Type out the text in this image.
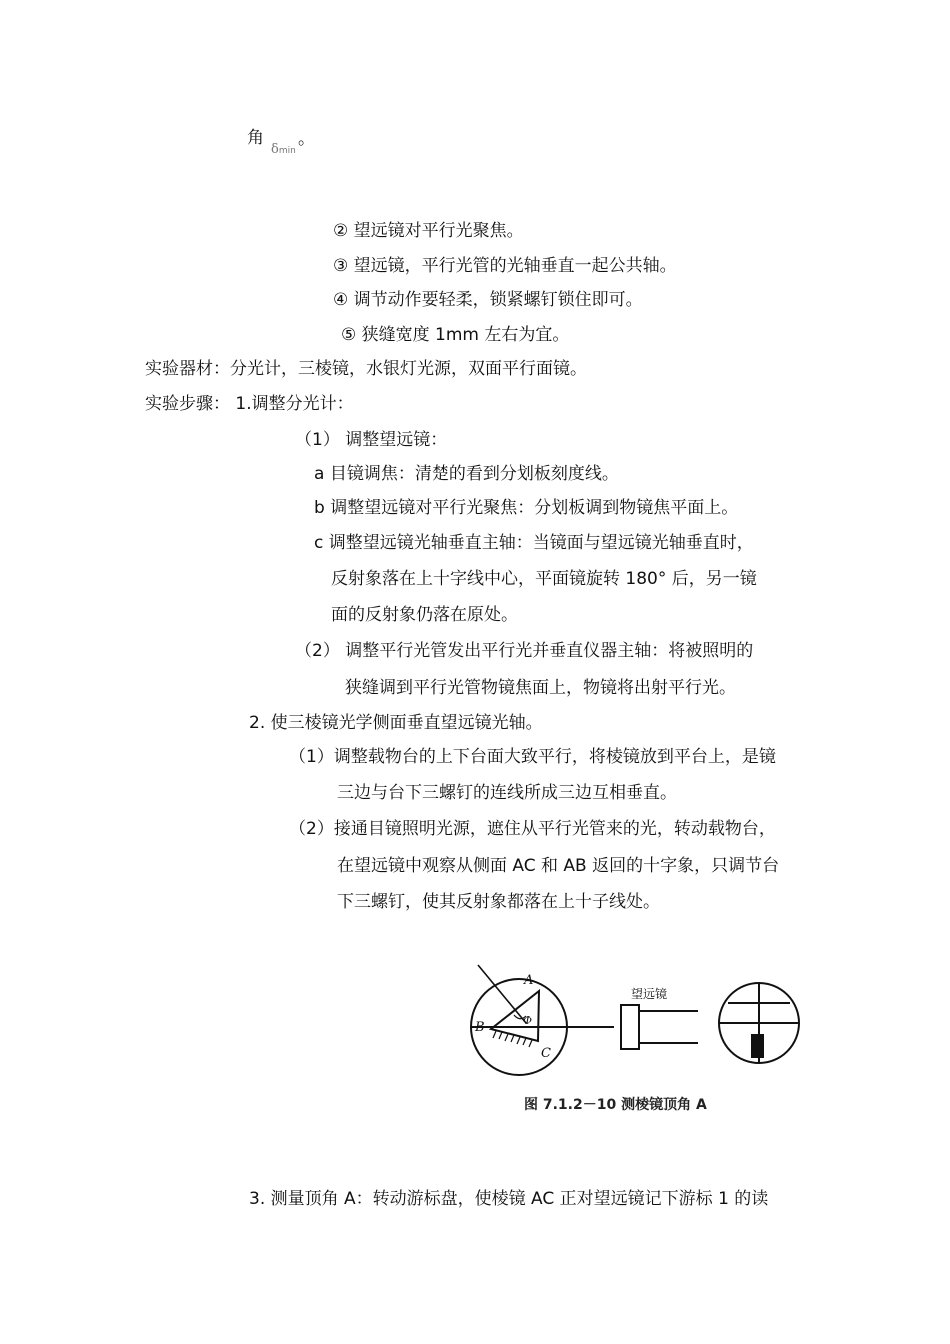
角
δmin
。
② 望远镜对平行光聚焦。
③ 望远镜，平行光管的光轴垂直一起公共轴。
④ 调节动作要轻柔，锁紧螺钉锁住即可。
⑤ 狭缝宽度 1mm 左右为宜。
实验器材：分光计，三棱镜，水银灯光源，双面平行面镜。
实验步骤： 1.调整分光计：
（1） 调整望远镜：
a 目镜调焦：清楚的看到分划板刻度线。
b 调整望远镜对平行光聚焦：分划板调到物镜焦平面上。
c 调整望远镜光轴垂直主轴：当镜面与望远镜光轴垂直时，
反射象落在上十字线中心，平面镜旋转 180° 后，另一镜
面的反射象仍落在原处。
（2） 调整平行光管发出平行光并垂直仪器主轴：将被照明的
狭缝调到平行光管物镜焦面上，物镜将出射平行光。
2. 使三棱镜光学侧面垂直望远镜光轴。
（1）调整载物台的上下台面大致平行，将棱镜放到平台上，是镜
三边与台下三螺钉的连线所成三边互相垂直。
（2）接通目镜照明光源，遮住从平行光管来的光，转动载物台，
在望远镜中观察从侧面 AC 和 AB 返回的十字象，只调节台
下三螺钉，使其反射象都落在上十子线处。
A
B
C
Φ
望远镜
图 7.1.2－10 测棱镜顶角 A
3. 测量顶角 A：转动游标盘，使棱镜 AC 正对望远镜记下游标 1 的读
